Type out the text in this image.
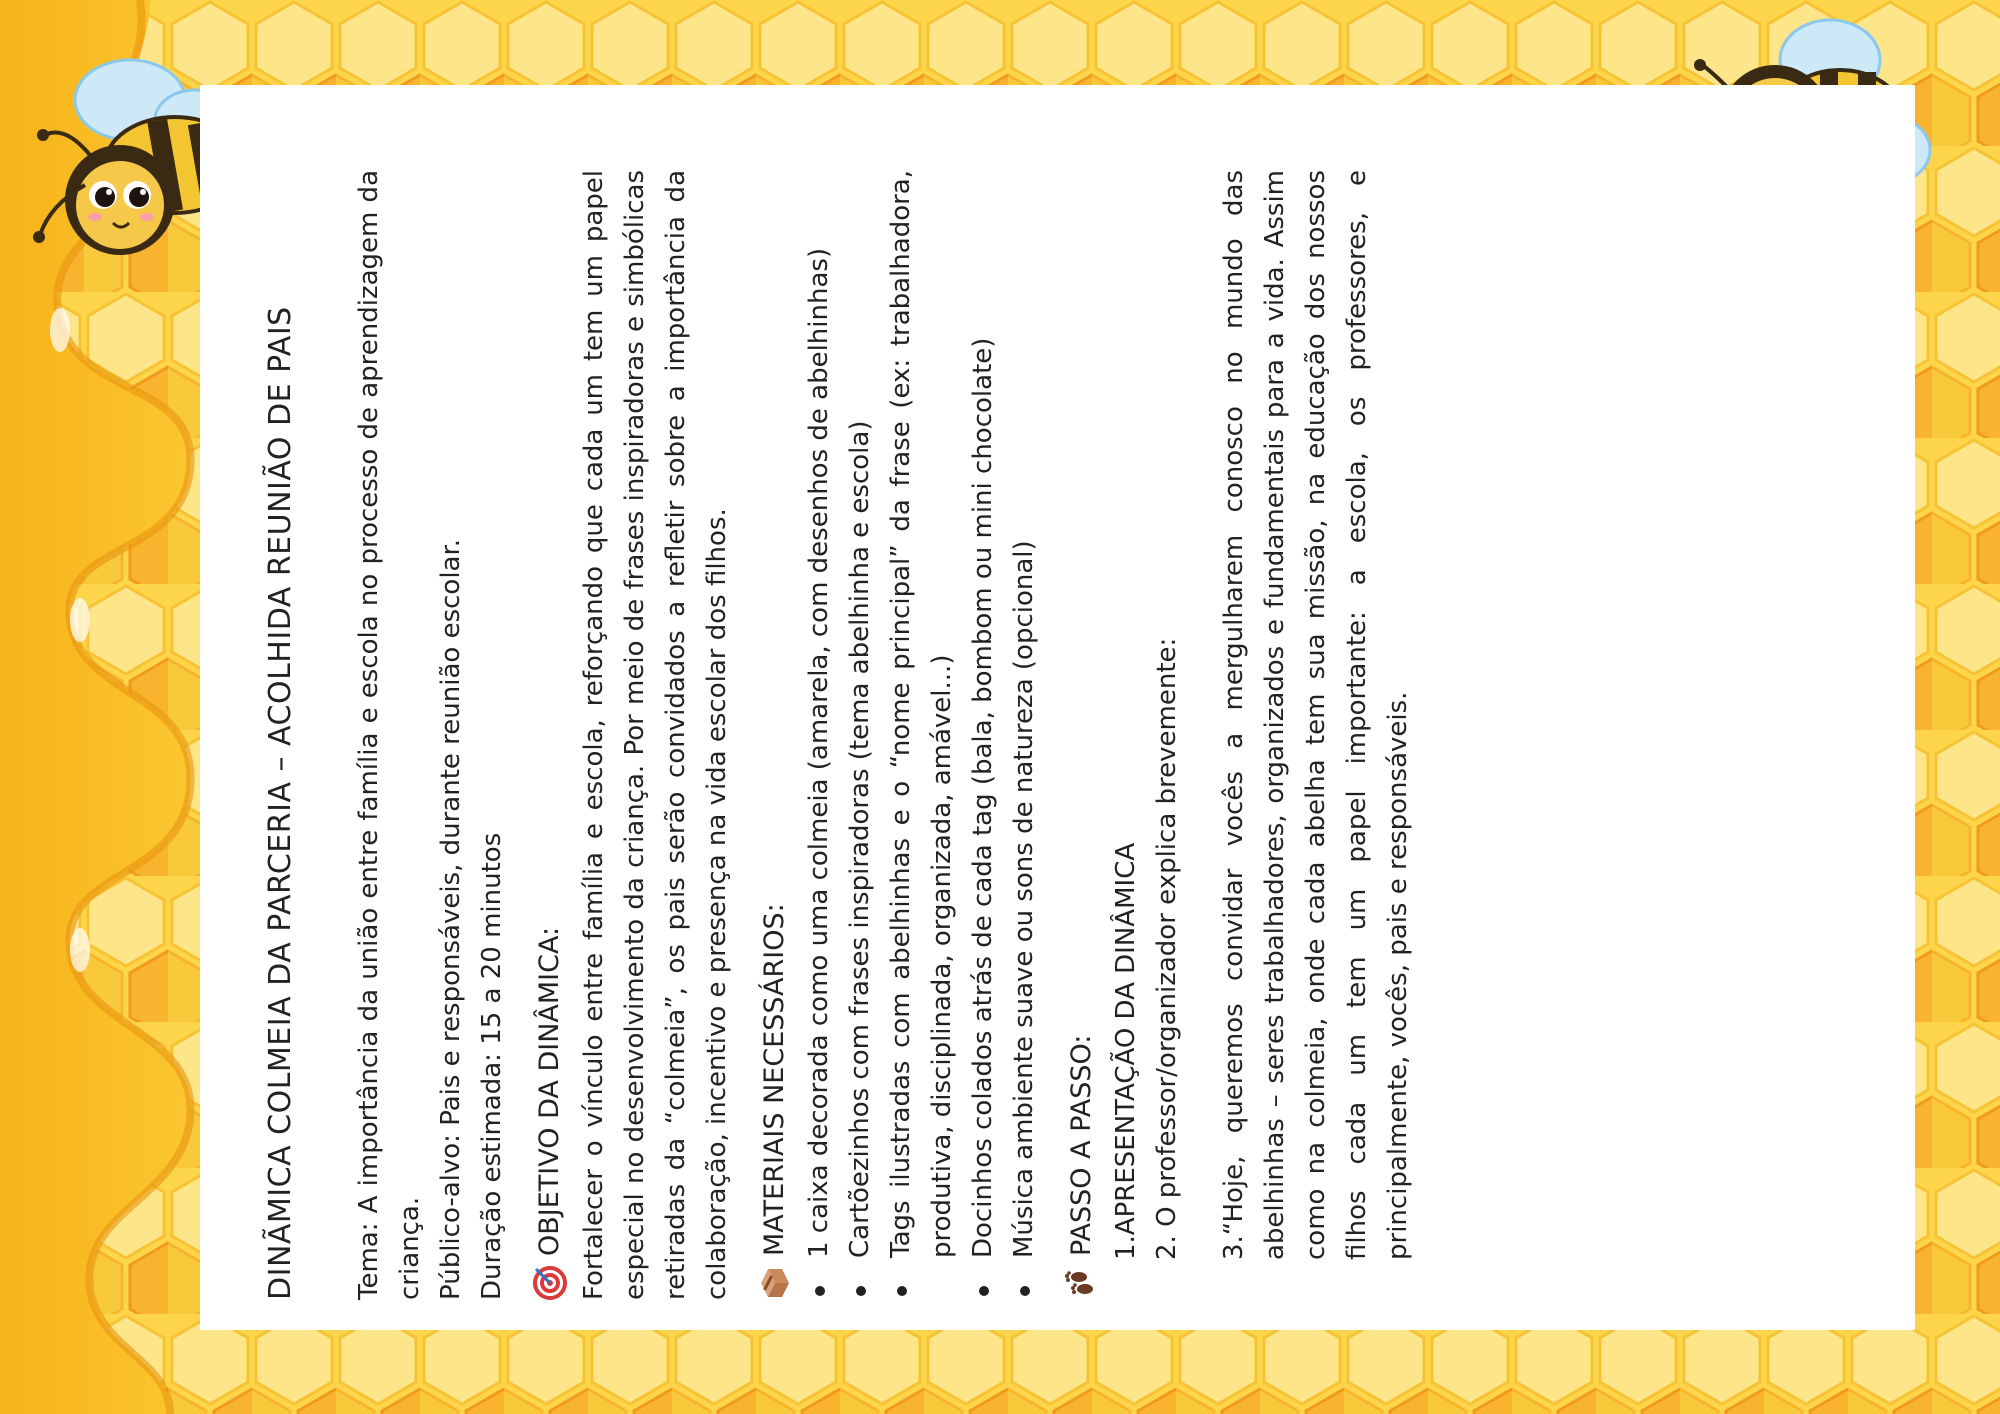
DINÃMICA COLMEIA DA PARCERIA – ACOLHIDA REUNIÃO DE PAIS Tema: A importância da união entre família e escola no processo de aprendizagem da criança. Público-alvo: Pais e responsáveis, durante reunião escolar. Duração estimada: 15 a 20 minutos OBJETIVO DA DINÂMICA: Fortalecer o vínculo entre família e escola, reforçando que cada um tem um papel especial no desenvolvimento da criança. Por meio de frases inspiradoras e simbólicas retiradas da “colmeia”, os pais serão convidados a refletir sobre a importância da colaboração, incentivo e presença na vida escolar dos filhos. MATERIAIS NECESSÁRIOS: 1 caixa decorada como uma colmeia (amarela, com desenhos de abelhinhas) Cartõezinhos com frases inspiradoras (tema abelhinha e escola) Tags ilustradas com abelhinhas e o “nome principal” da frase (ex: trabalhadora, produtiva, disciplinada, organizada, amável...) Docinhos colados atrás de cada tag (bala, bombom ou mini chocolate) Música ambiente suave ou sons de natureza (opcional) PASSO A PASSO: 1.APRESENTAÇÃO DA DINÂMICA 2. O professor/organizador explica brevemente: 3.“Hoje, queremos convidar vocês a mergulharem conosco no mundo das abelhinhas – seres trabalhadores, organizados e fundamentais para a vida. Assim como na colmeia, onde cada abelha tem sua missão, na educação dos nossos filhos cada um tem um papel importante: a escola, os professores, e principalmente, vocês, pais e responsáveis.
